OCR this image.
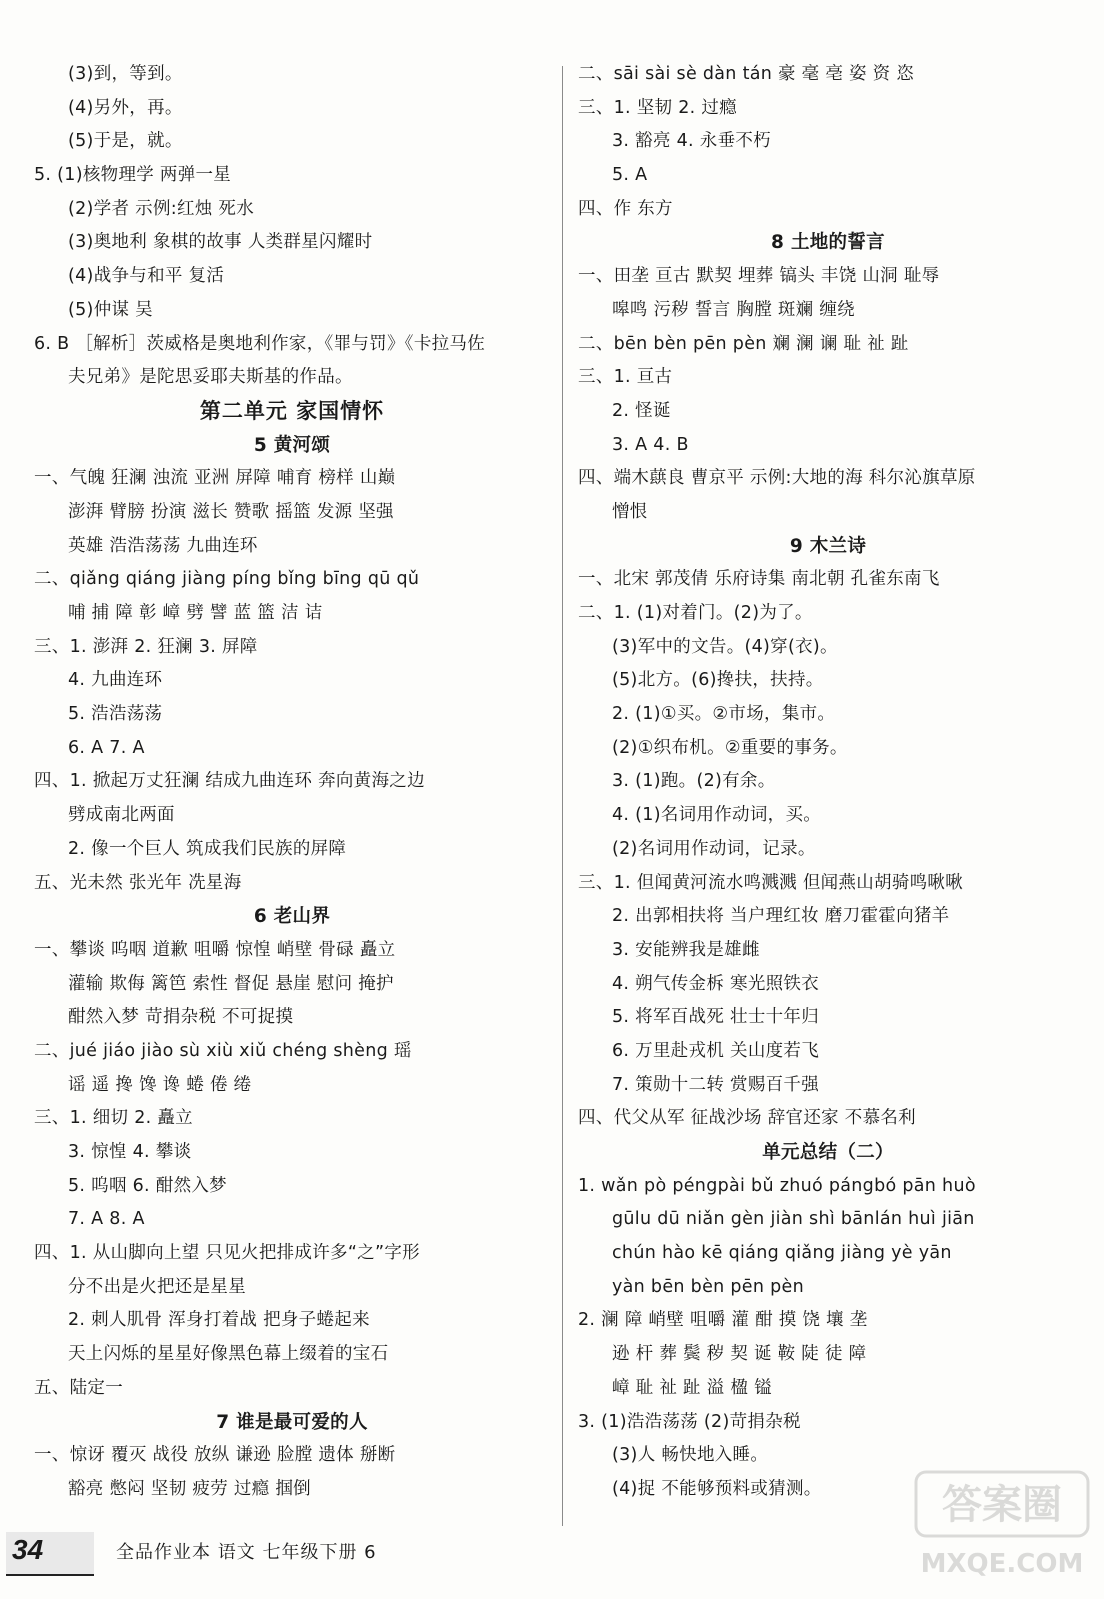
(3)到，等到。
(4)另外，再。
(5)于是，就。
5. (1)核物理学 两弹一星
(2)学者 示例:红烛 死水
(3)奥地利 象棋的故事 人类群星闪耀时
(4)战争与和平 复活
(5)仲谋 吴
6. B ［解析］茨威格是奥地利作家，《罪与罚》《卡拉马佐
夫兄弟》是陀思妥耶夫斯基的作品。
第二单元 家国情怀
5 黄河颂
一、气魄 狂澜 浊流 亚洲 屏障 哺育 榜样 山巅
澎湃 臂膀 扮演 滋长 赞歌 摇篮 发源 坚强
英雄 浩浩荡荡 九曲连环
二、qiǎng qiáng jiàng píng bǐng bīng qū qǔ
哺 捕 障 彰 嶂 劈 譬 蓝 篮 洁 诘
三、1. 澎湃 2. 狂澜 3. 屏障
4. 九曲连环
5. 浩浩荡荡
6. A 7. A
四、1. 掀起万丈狂澜 结成九曲连环 奔向黄海之边
劈成南北两面
2. 像一个巨人 筑成我们民族的屏障
五、光未然 张光年 冼星海
6 老山界
一、攀谈 呜咽 道歉 咀嚼 惊惶 峭壁 骨碌 矗立
灌输 欺侮 篱笆 索性 督促 悬崖 慰问 掩护
酣然入梦 苛捐杂税 不可捉摸
二、jué jiáo jiào sù xiù xiǔ chéng shèng 瑶
谣 遥 搀 馋 谗 蜷 倦 绻
三、1. 细切 2. 矗立
3. 惊惶 4. 攀谈
5. 呜咽 6. 酣然入梦
7. A 8. A
四、1. 从山脚向上望 只见火把排成许多“之”字形
分不出是火把还是星星
2. 刺人肌骨 浑身打着战 把身子蜷起来
天上闪烁的星星好像黑色幕上缀着的宝石
五、陆定一
7 谁是最可爱的人
一、惊讶 覆灭 战役 放纵 谦逊 脸膛 遗体 掰断
豁亮 憋闷 坚韧 疲劳 过瘾 掴倒
二、sāi sài sè dàn tán 豪 毫 亳 姿 资 恣
三、1. 坚韧 2. 过瘾
3. 豁亮 4. 永垂不朽
5. A
四、作 东方
8 土地的誓言
一、田垄 亘古 默契 埋葬 镐头 丰饶 山洞 耻辱
嗥鸣 污秽 誓言 胸膛 斑斓 缠绕
二、bēn bèn pēn pèn 斓 澜 谰 耻 祉 趾
三、1. 亘古
2. 怪诞
3. A 4. B
四、端木蕻良 曹京平 示例:大地的海 科尔沁旗草原
憎恨
9 木兰诗
一、北宋 郭茂倩 乐府诗集 南北朝 孔雀东南飞
二、1. (1)对着门。(2)为了。
(3)军中的文告。(4)穿(衣)。
(5)北方。(6)搀扶，扶持。
2. (1)①买。②市场，集市。
(2)①织布机。②重要的事务。
3. (1)跑。(2)有余。
4. (1)名词用作动词，买。
(2)名词用作动词，记录。
三、1. 但闻黄河流水鸣溅溅 但闻燕山胡骑鸣啾啾
2. 出郭相扶将 当户理红妆 磨刀霍霍向猪羊
3. 安能辨我是雄雌
4. 朔气传金柝 寒光照铁衣
5. 将军百战死 壮士十年归
6. 万里赴戎机 关山度若飞
7. 策勋十二转 赏赐百千强
四、代父从军 征战沙场 辞官还家 不慕名利
单元总结（二）
1. wǎn pò péngpài bǔ zhuó pángbó pān huò
gūlu dū niǎn gèn jiàn shì bānlán huì jiān
chún hào kē qiáng qiǎng jiàng yè yān
yàn bēn bèn pēn pèn
2. 澜 障 峭壁 咀嚼 灌 酣 摸 饶 壤 垄
逊 杆 葬 鬓 秽 契 诞 鞍 陡 徒 障
嶂 耻 祉 趾 溢 楹 镒
3. (1)浩浩荡荡 (2)苛捐杂税
(3)人 畅快地入睡。
(4)捉 不能够预料或猜测。
34	全品作业本 语文 七年级下册 6
答案圈
MXQE.COM
